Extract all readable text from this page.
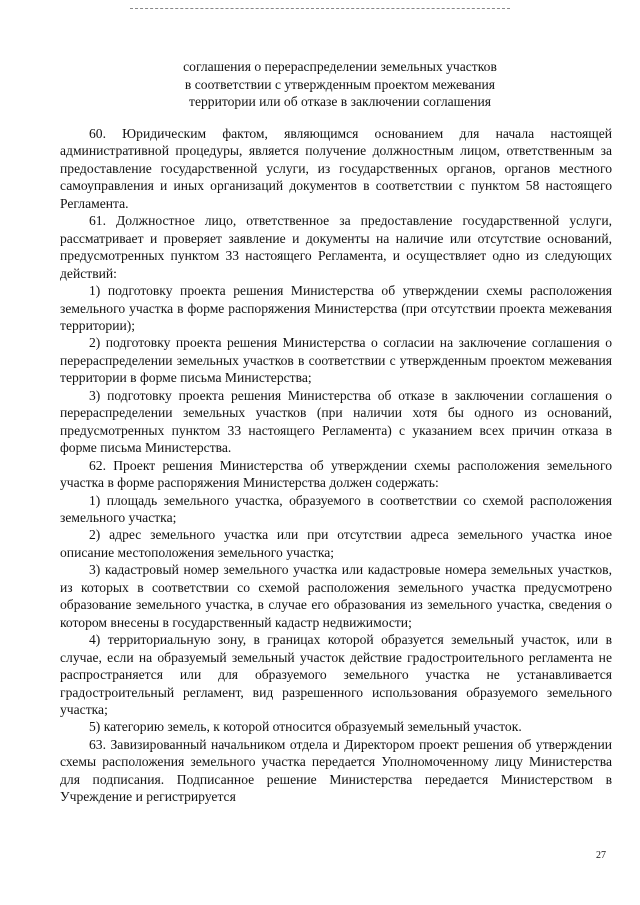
соглашения о перераспределении земельных участков
в соответствии с утвержденным проектом межевания
территории или об отказе в заключении соглашения

60. Юридическим фактом, являющимся основанием для начала настоящей административной процедуры, является получение должностным лицом, ответственным за предоставление государственной услуги, из государственных органов, органов местного самоуправления и иных организаций документов в соответствии с пунктом 58 настоящего Регламента.

61. Должностное лицо, ответственное за предоставление государственной услуги, рассматривает и проверяет заявление и документы на наличие или отсутствие оснований, предусмотренных пунктом 33 настоящего Регламента, и осуществляет одно из следующих действий:

1) подготовку проекта решения Министерства об утверждении схемы расположения земельного участка в форме распоряжения Министерства (при отсутствии проекта межевания территории);

2) подготовку проекта решения Министерства о согласии на заключение соглашения о перераспределении земельных участков в соответствии с утвержденным проектом межевания территории в форме письма Министерства;

3) подготовку проекта решения Министерства об отказе в заключении соглашения о перераспределении земельных участков (при наличии хотя бы одного из оснований, предусмотренных пунктом 33 настоящего Регламента) с указанием всех причин отказа в форме письма Министерства.

62. Проект решения Министерства об утверждении схемы расположения земельного участка в форме распоряжения Министерства должен содержать:

1) площадь земельного участка, образуемого в соответствии со схемой расположения земельного участка;

2) адрес земельного участка или при отсутствии адреса земельного участка иное описание местоположения земельного участка;

3) кадастровый номер земельного участка или кадастровые номера земельных участков, из которых в соответствии со схемой расположения земельного участка предусмотрено образование земельного участка, в случае его образования из земельного участка, сведения о котором внесены в государственный кадастр недвижимости;

4) территориальную зону, в границах которой образуется земельный участок, или в случае, если на образуемый земельный участок действие градостроительного регламента не распространяется или для образуемого земельного участка не устанавливается градостроительный регламент, вид разрешенного использования образуемого земельного участка;

5) категорию земель, к которой относится образуемый земельный участок.

63. Завизированный начальником отдела и Директором проект решения об утверждении схемы расположения земельного участка передается Уполномоченному лицу Министерства для подписания. Подписанное решение Министерства передается Министерством в Учреждение и регистрируется

27
